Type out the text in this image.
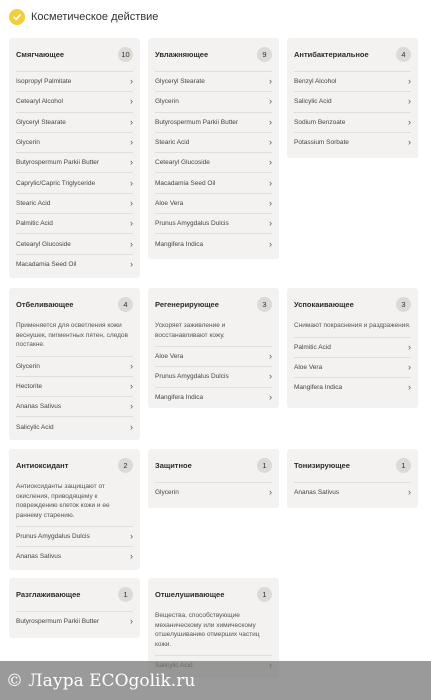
Косметическое действие
Смягчающее	10
Isopropyl Palmitate	›
Cetearyl Alcohol	›
Glyceryl Stearate	›
Glycerin	›
Butyrospermum Parkii Butter	›
Caprylic/Capric Triglyceride	›
Stearic Acid	›
Palmitic Acid	›
Cetearyl Glucoside	›
Macadamia Seed Oil	›
Увлажняющее	9
Glyceryl Stearate	›
Glycerin	›
Butyrospermum Parkii Butter	›
Stearic Acid	›
Cetearyl Glucoside	›
Macadamia Seed Oil	›
Aloe Vera	›
Prunus Amygdalus Dulcis	›
Mangifera Indica	›
Антибактериальное	4
Benzyl Alcohol	›
Salicylic Acid	›
Sodium Benzoate	›
Potassium Sorbate	›
Отбеливающее	4
Применяется для осветления кожи веснушек, пигментных пятен, следов постакне.
Glycerin	›
Hectorite	›
Ananas Sativus	›
Salicylic Acid	›
Регенерирующее	3
Ускоряет заживление и восстанавливают кожу.
Aloe Vera	›
Prunus Amygdalus Dulcis	›
Mangifera Indica	›
Успокаивающее	3
Снимают покраснения и раздражения.
Palmitic Acid	›
Aloe Vera	›
Mangifera Indica	›
Антиоксидант	2
Антиоксиданты защищают от окисления, приводящему к повреждению клеток кожи и ее раннему старению.
Prunus Amygdalus Dulcis	›
Ananas Sativus	›
Защитное	1
Glycerin	›
Тонизирующее	1
Ananas Sativus	›
Разглаживающее	1
Butyrospermum Parkii Butter	›
Отшелушивающее	1
Вещества, способствующие механическому или химическому отшелушиванию отмерших частиц кожи.
© Лаура ECOgolik.ru
